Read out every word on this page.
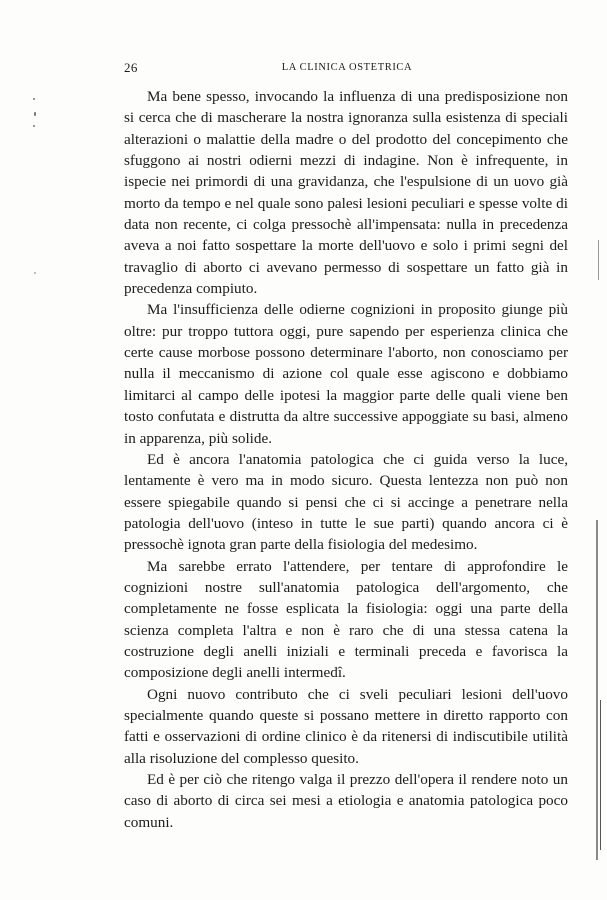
26	LA CLINICA OSTETRICA

Ma bene spesso, invocando la influenza di una predisposizione non si cerca che di mascherare la nostra ignoranza sulla esistenza di speciali alterazioni o malattie della madre o del prodotto del concepimento che sfuggono ai nostri odierni mezzi di indagine. Non è infrequente, in ispecie nei primordi di una gravidanza, che l'espulsione di un uovo già morto da tempo e nel quale sono palesi lesioni peculiari e spesse volte di data non recente, ci colga pressochè all'impensata: nulla in precedenza aveva a noi fatto sospettare la morte dell'uovo e solo i primi segni del travaglio di aborto ci avevano permesso di sospettare un fatto già in precedenza compiuto.

Ma l'insufficienza delle odierne cognizioni in proposito giunge più oltre: pur troppo tuttora oggi, pure sapendo per esperienza clinica che certe cause morbose possono determinare l'aborto, non conosciamo per nulla il meccanismo di azione col quale esse agiscono e dobbiamo limitarci al campo delle ipotesi la maggior parte delle quali viene ben tosto confutata e distrutta da altre successive appoggiate su basi, almeno in apparenza, più solide.

Ed è ancora l'anatomia patologica che ci guida verso la luce, lentamente è vero ma in modo sicuro. Questa lentezza non può non essere spiegabile quando si pensi che ci si accinge a penetrare nella patologia dell'uovo (inteso in tutte le sue parti) quando ancora ci è pressochè ignota gran parte della fisiologia del medesimo.

Ma sarebbe errato l'attendere, per tentare di approfondire le cognizioni nostre sull'anatomia patologica dell'argomento, che completamente ne fosse esplicata la fisiologia: oggi una parte della scienza completa l'altra e non è raro che di una stessa catena la costruzione degli anelli iniziali e terminali preceda e favorisca la composizione degli anelli intermedî.

Ogni nuovo contributo che ci sveli peculiari lesioni dell'uovo specialmente quando queste si possano mettere in diretto rapporto con fatti e osservazioni di ordine clinico è da ritenersi di indiscutibile utilità alla risoluzione del complesso quesito.

Ed è per ciò che ritengo valga il prezzo dell'opera il rendere noto un caso di aborto di circa sei mesi a etiologia e anatomia patologica poco comuni.
